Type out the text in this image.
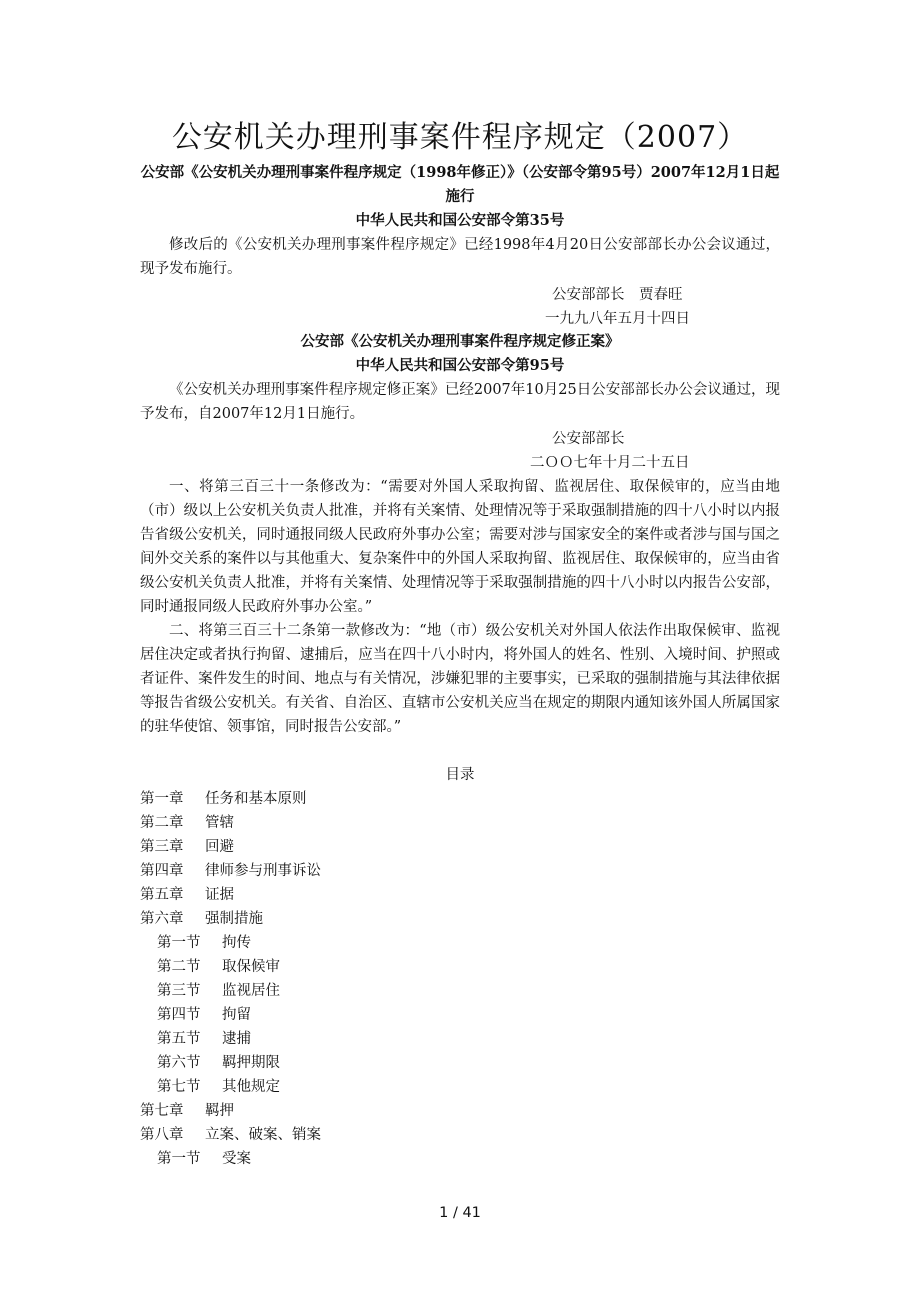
公安机关办理刑事案件程序规定（2007）

公安部《公安机关办理刑事案件程序规定（1998年修正）》（公安部令第95号）2007年12月1日起施行

中华人民共和国公安部令第35号

修改后的《公安机关办理刑事案件程序规定》已经1998年4月20日公安部部长办公会议通过，现予发布施行。

公安部部长　贾春旺

一九九八年五月十四日

公安部《公安机关办理刑事案件程序规定修正案》

中华人民共和国公安部令第95号

《公安机关办理刑事案件程序规定修正案》已经2007年10月25日公安部部长办公会议通过，现予发布，自2007年12月1日施行。

公安部部长

二ＯＯ七年十月二十五日

一、将第三百三十一条修改为：“需要对外国人采取拘留、监视居住、取保候审的，应当由地（市）级以上公安机关负责人批准，并将有关案情、处理情况等于采取强制措施的四十八小时以内报告省级公安机关，同时通报同级人民政府外事办公室；需要对涉与国家安全的案件或者涉与国与国之间外交关系的案件以与其他重大、复杂案件中的外国人采取拘留、监视居住、取保候审的，应当由省级公安机关负责人批准，并将有关案情、处理情况等于采取强制措施的四十八小时以内报告公安部，同时通报同级人民政府外事办公室。”

二、将第三百三十二条第一款修改为：“地（市）级公安机关对外国人依法作出取保候审、监视居住决定或者执行拘留、逮捕后，应当在四十八小时内，将外国人的姓名、性别、入境时间、护照或者证件、案件发生的时间、地点与有关情况，涉嫌犯罪的主要事实，已采取的强制措施与其法律依据等报告省级公安机关。有关省、自治区、直辖市公安机关应当在规定的期限内通知该外国人所属国家的驻华使馆、领事馆，同时报告公安部。”

目录

第一章 任务和基本原则
第二章 管辖
第三章 回避
第四章 律师参与刑事诉讼
第五章 证据
第六章 强制措施
第一节 拘传
第二节 取保候审
第三节 监视居住
第四节 拘留
第五节 逮捕
第六节 羁押期限
第七节 其他规定
第七章 羁押
第八章 立案、破案、销案
第一节 受案

1 / 41
